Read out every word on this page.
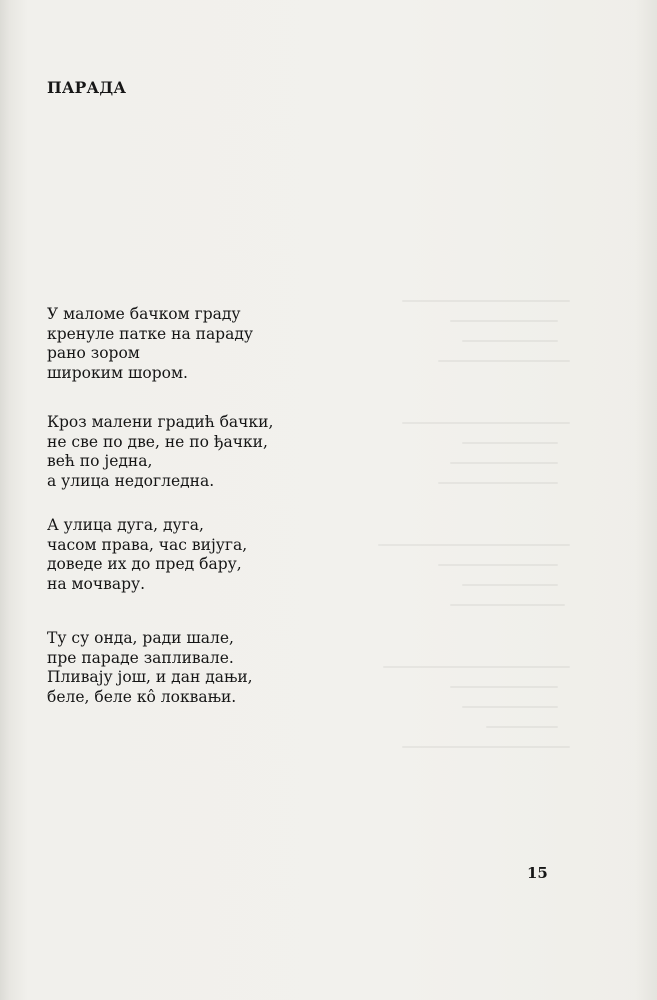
ПАРАДА
У маломе бачком граду
кренуле патке на параду
рано зором
широким шором.
Кроз малени градић бачки,
не све по две, не по ђачки,
већ по једна,
а улица недогледна.
А улица дуга, дуга,
часом права, час вијуга,
доведе их до пред бару,
на мочвару.
Ту су онда, ради шале,
пре параде запливале.
Пливају још, и дан дањи,
беле, беле кô локвањи.
15
